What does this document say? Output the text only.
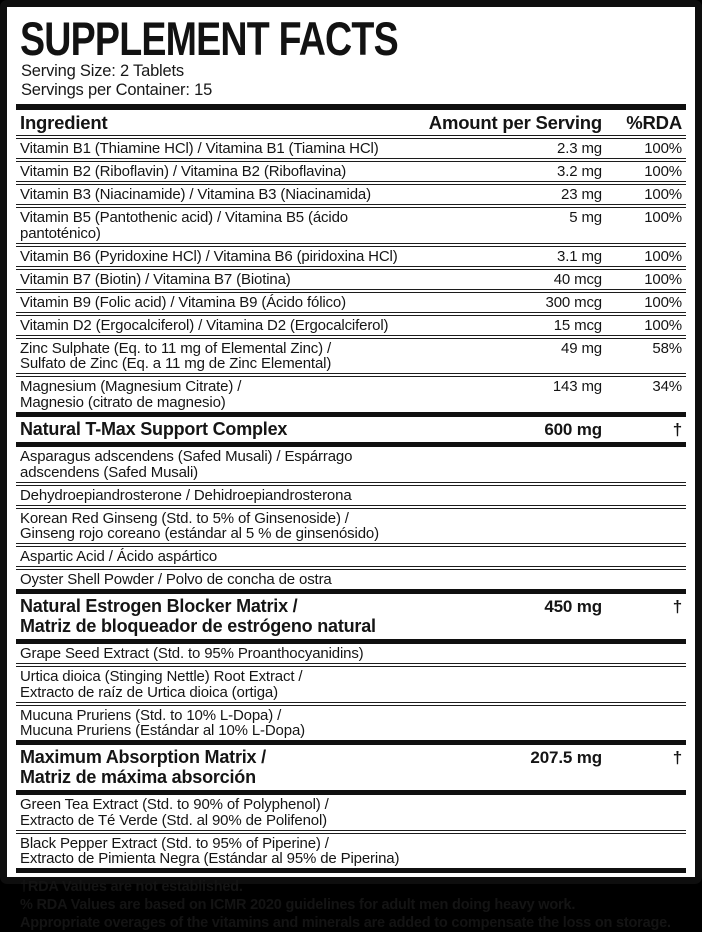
SUPPLEMENT FACTS
Serving Size: 2 Tablets
Servings per Container: 15
Ingredient	Amount per Serving	%RDA
Vitamin B1 (Thiamine HCl) / Vitamina B1 (Tiamina HCl)	2.3 mg	100%
Vitamin B2 (Riboflavin) / Vitamina B2 (Riboflavina)	3.2 mg	100%
Vitamin B3 (Niacinamide) / Vitamina B3 (Niacinamida)	23 mg	100%
Vitamin B5 (Pantothenic acid) / Vitamina B5 (ácido pantoténico)
5 mg	100%
Vitamin B6 (Pyridoxine HCl) / Vitamina B6 (piridoxina HCl)	3.1 mg	100%
Vitamin B7 (Biotin) / Vitamina B7 (Biotina)	40 mcg	100%
Vitamin B9 (Folic acid) / Vitamina B9 (Ácido fólico)	300 mcg	100%
Vitamin D2 (Ergocalciferol) / Vitamina D2 (Ergocalciferol)	15 mcg	100%
Zinc Sulphate (Eq. to 11 mg of Elemental Zinc) /
Sulfato de Zinc (Eq. a 11 mg de Zinc Elemental)
49 mg	58%
Magnesium (Magnesium Citrate) /
Magnesio (citrato de magnesio)
143 mg	34%
Natural T-Max Support Complex	600 mg	†
Asparagus adscendens (Safed Musali) / Espárrago adscendens (Safed Musali)
Dehydroepiandrosterone / Dehidroepiandrosterona
Korean Red Ginseng (Std. to 5% of Ginsenoside) /
Ginseng rojo coreano (estándar al 5 % de ginsenósido)
Aspartic Acid / Ácido aspártico
Oyster Shell Powder / Polvo de concha de ostra
Natural Estrogen Blocker Matrix /
Matriz de bloqueador de estrógeno natural
450 mg	†
Grape Seed Extract (Std. to 95% Proanthocyanidins)
Urtica dioica (Stinging Nettle) Root Extract /
Extracto de raíz de Urtica dioica (ortiga)
Mucuna Pruriens (Std. to 10% L-Dopa) /
Mucuna Pruriens (Estándar al 10% L-Dopa)
Maximum Absorption Matrix /
Matriz de máxima absorción
207.5 mg	†
Green Tea Extract (Std. to 90% of Polyphenol) /
Extracto de Té Verde (Std. al 90% de Polifenol)
Black Pepper Extract (Std. to 95% of Piperine) /
Extracto de Pimienta Negra (Estándar al 95% de Piperina)
†RDA Values are not established.
% RDA Values are based on ICMR 2020 guidelines for adult men doing heavy work.
Appropriate overages of the vitamins and minerals are added to compensate the loss on storage.
